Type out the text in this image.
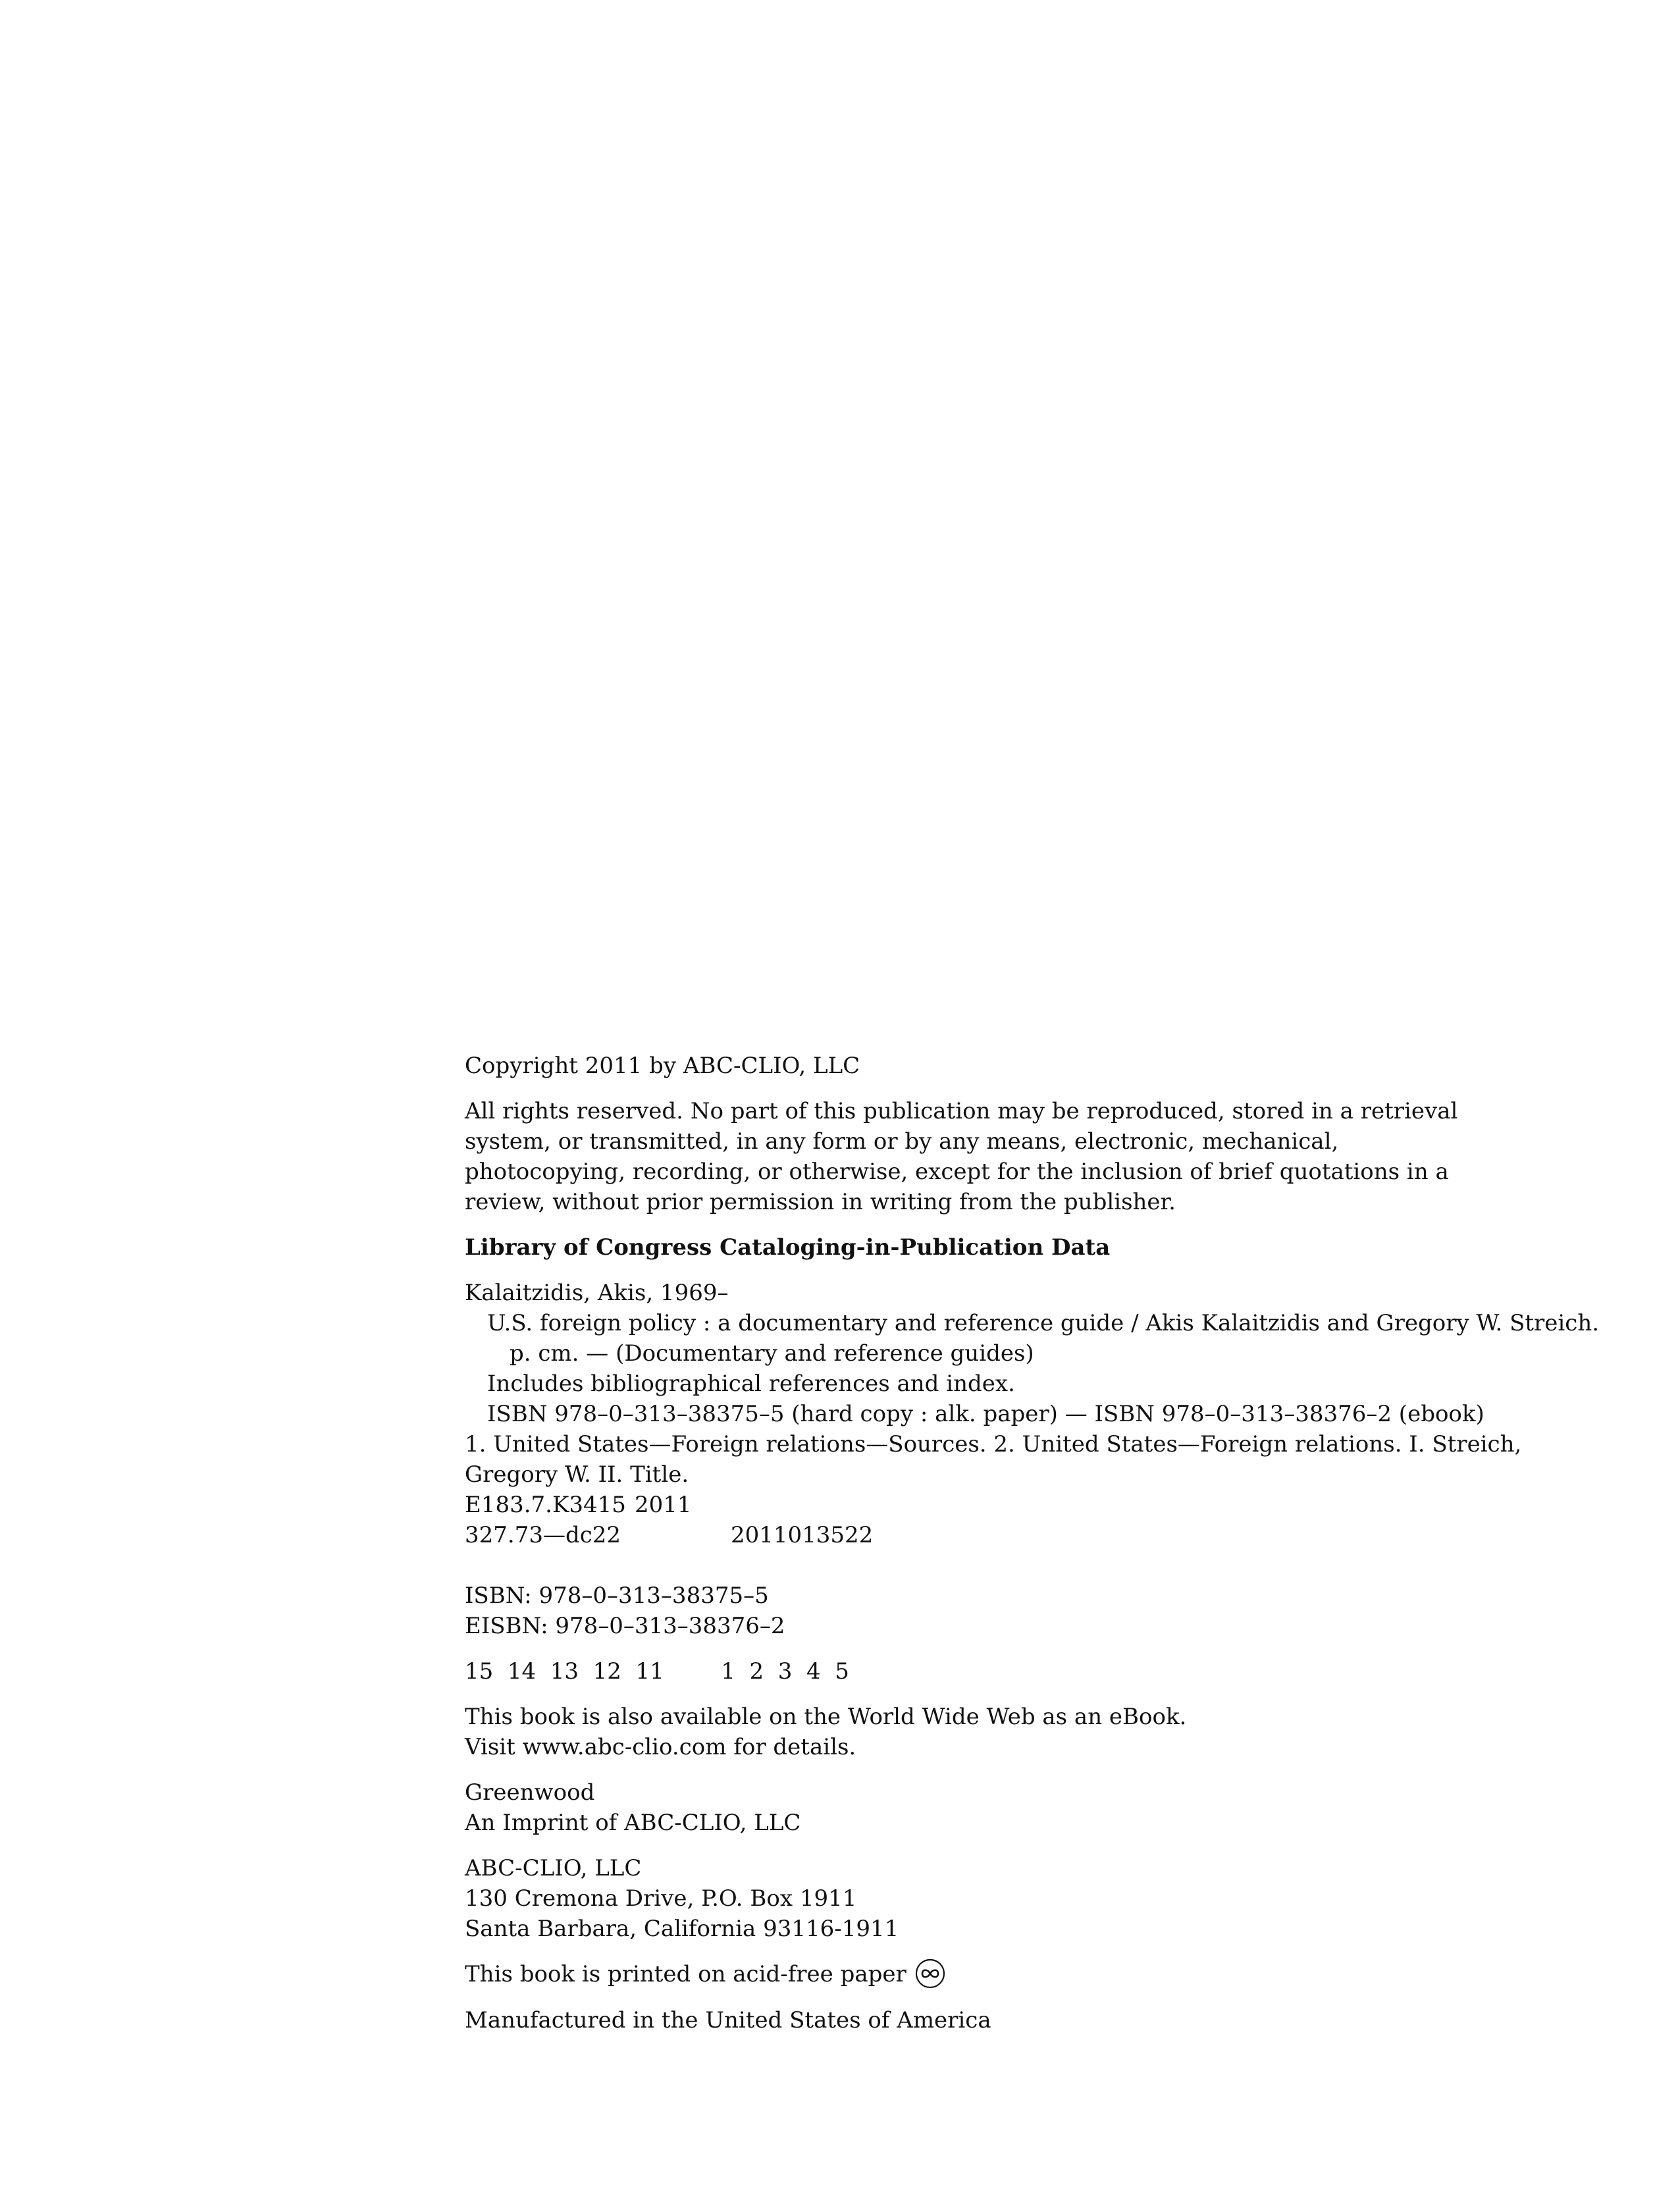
Copyright 2011 by ABC-CLIO, LLC
All rights reserved. No part of this publication may be reproduced, stored in a retrieval
system, or transmitted, in any form or by any means, electronic, mechanical,
photocopying, recording, or otherwise, except for the inclusion of brief quotations in a
review, without prior permission in writing from the publisher.
Library of Congress Cataloging-in-Publication Data
Kalaitzidis, Akis, 1969–
U.S. foreign policy : a documentary and reference guide / Akis Kalaitzidis and Gregory W. Streich.
p. cm. — (Documentary and reference guides)
Includes bibliographical references and index.
ISBN 978–0–313–38375–5 (hard copy : alk. paper) — ISBN 978–0–313–38376–2 (ebook)
1. United States—Foreign relations—Sources. 2. United States—Foreign relations. I. Streich,
Gregory W. II. Title.
E183.7.K3415 2011
327.73—dc22	2011013522
ISBN: 978–0–313–38375–5
EISBN: 978–0–313–38376–2
15  14  13  12  11        1  2  3  4  5
This book is also available on the World Wide Web as an eBook.
Visit www.abc-clio.com for details.
Greenwood
An Imprint of ABC-CLIO, LLC
ABC-CLIO, LLC
130 Cremona Drive, P.O. Box 1911
Santa Barbara, California 93116-1911
This book is printed on acid-free paper
Manufactured in the United States of America
